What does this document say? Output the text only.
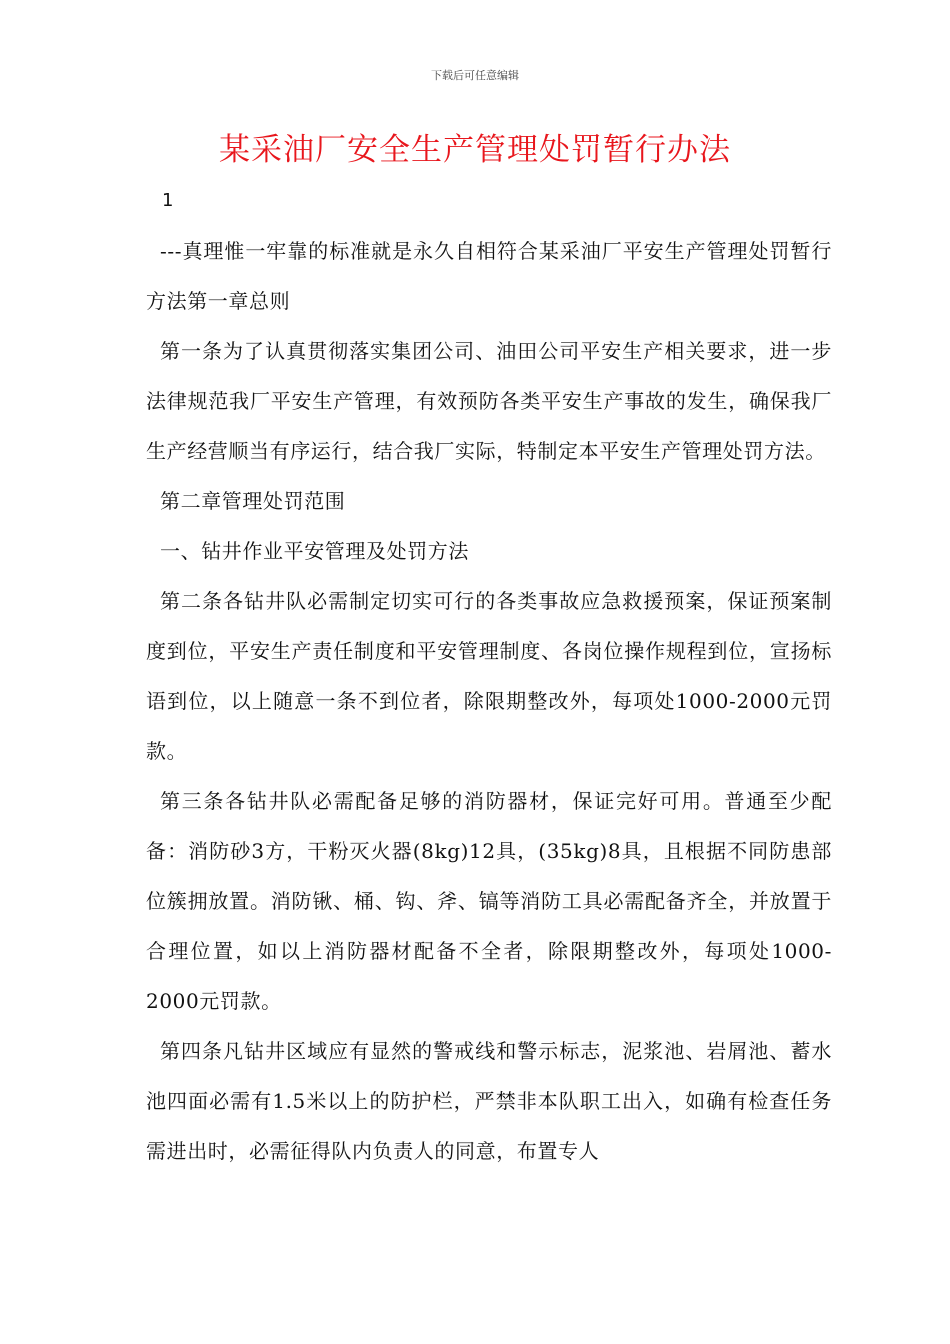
下载后可任意编辑
某采油厂安全生产管理处罚暂行办法
1

---真理惟一牢靠的标准就是永久自相符合某采油厂平安生产管理处罚暂行方法第一章总则

第一条为了认真贯彻落实集团公司、油田公司平安生产相关要求，进一步法律规范我厂平安生产管理，有效预防各类平安生产事故的发生，确保我厂生产经营顺当有序运行，结合我厂实际，特制定本平安生产管理处罚方法。

第二章管理处罚范围

一、钻井作业平安管理及处罚方法

第二条各钻井队必需制定切实可行的各类事故应急救援预案，保证预案制度到位，平安生产责任制度和平安管理制度、各岗位操作规程到位，宣扬标语到位，以上随意一条不到位者，除限期整改外，每项处1000-2000元罚款。

第三条各钻井队必需配备足够的消防器材，保证完好可用。普通至少配备：消防砂3方，干粉灭火器(8kg)12具，(35kg)8具，且根据不同防患部位簇拥放置。消防锹、桶、钩、斧、镐等消防工具必需配备齐全，并放置于合理位置，如以上消防器材配备不全者，除限期整改外，每项处1000-2000元罚款。

第四条凡钻井区域应有显然的警戒线和警示标志，泥浆池、岩屑池、蓄水池四面必需有1.5米以上的防护栏，严禁非本队职工出入，如确有检查任务需进出时，必需征得队内负责人的同意，布置专人
